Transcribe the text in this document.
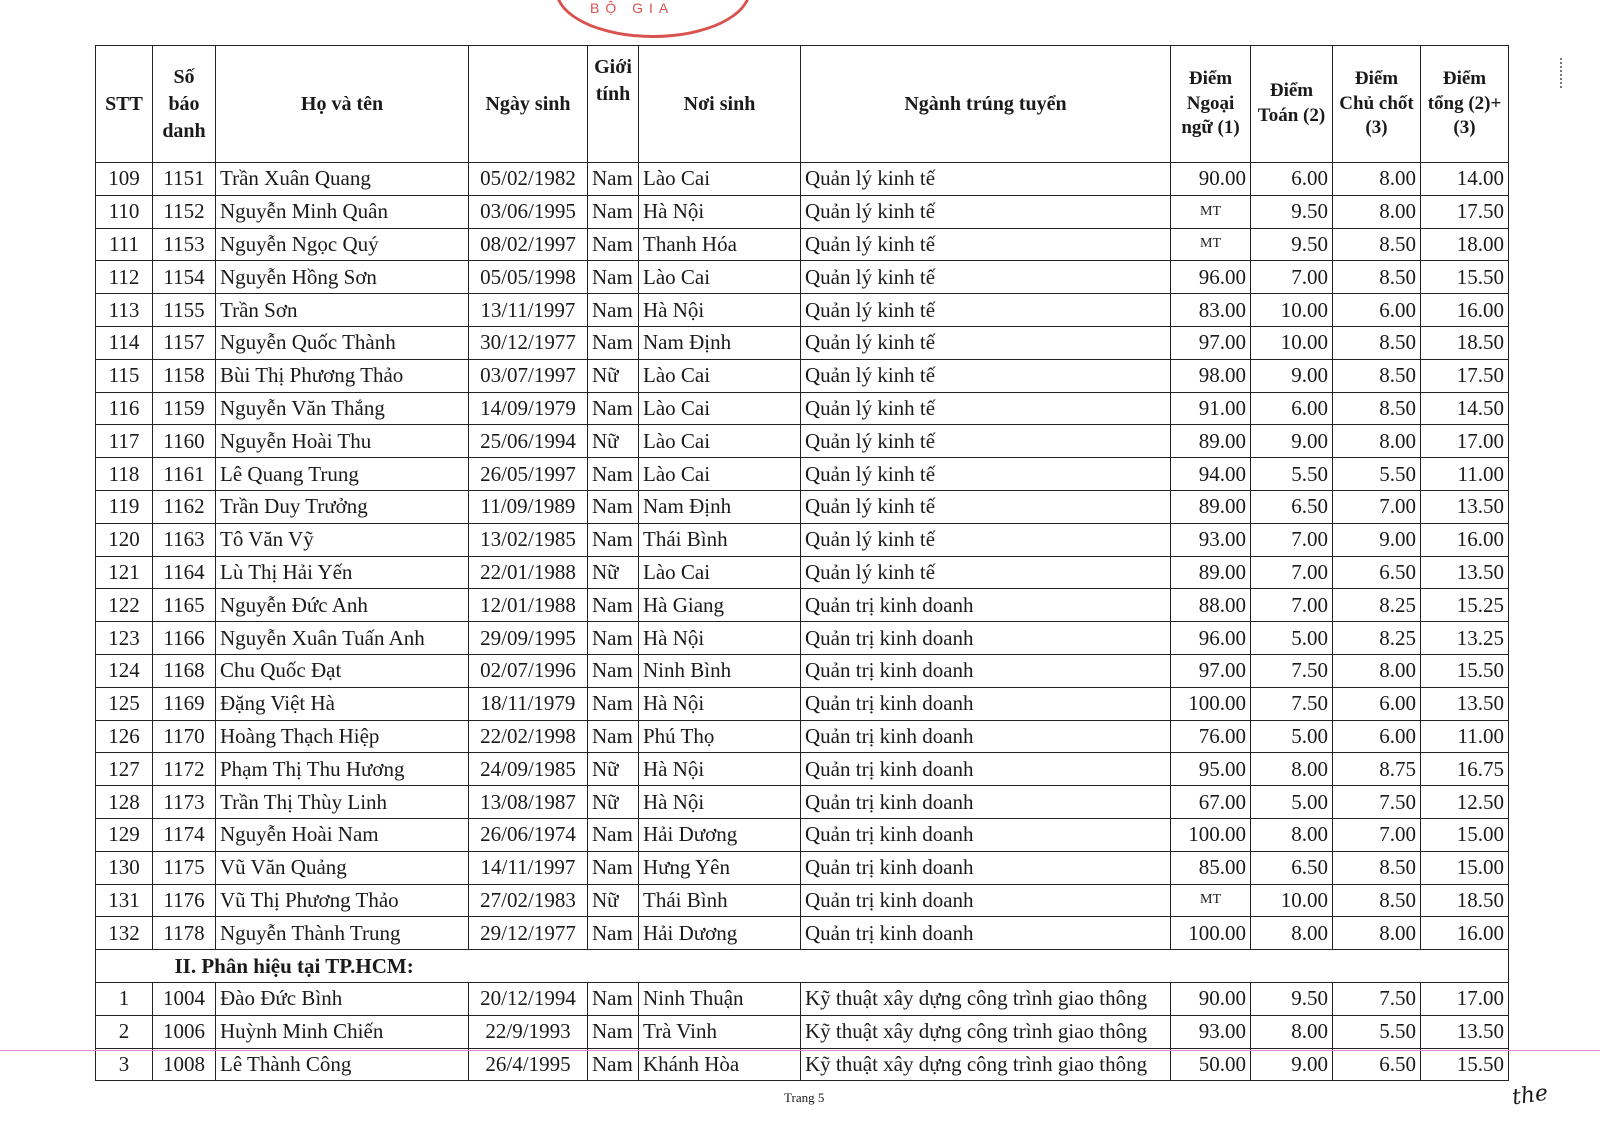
BỘ GIA
STT	Số báo danh	Họ và tên	Ngày sinh	Giới tính	Nơi sinh	Ngành trúng tuyển	Điểm Ngoại ngữ (1)	Điểm Toán (2)	Điểm Chủ chốt (3)	Điểm tổng (2)+(3)
109	1151	Trần Xuân Quang	05/02/1982	Nam	Lào Cai	Quản lý kinh tế	90.00	6.00	8.00	14.00
110	1152	Nguyễn Minh Quân	03/06/1995	Nam	Hà Nội	Quản lý kinh tế	MT	9.50	8.00	17.50
111	1153	Nguyễn Ngọc Quý	08/02/1997	Nam	Thanh Hóa	Quản lý kinh tế	MT	9.50	8.50	18.00
112	1154	Nguyễn Hồng Sơn	05/05/1998	Nam	Lào Cai	Quản lý kinh tế	96.00	7.00	8.50	15.50
113	1155	Trần Sơn	13/11/1997	Nam	Hà Nội	Quản lý kinh tế	83.00	10.00	6.00	16.00
114	1157	Nguyễn Quốc Thành	30/12/1977	Nam	Nam Định	Quản lý kinh tế	97.00	10.00	8.50	18.50
115	1158	Bùi Thị Phương Thảo	03/07/1997	Nữ	Lào Cai	Quản lý kinh tế	98.00	9.00	8.50	17.50
116	1159	Nguyễn Văn Thắng	14/09/1979	Nam	Lào Cai	Quản lý kinh tế	91.00	6.00	8.50	14.50
117	1160	Nguyễn Hoài Thu	25/06/1994	Nữ	Lào Cai	Quản lý kinh tế	89.00	9.00	8.00	17.00
118	1161	Lê Quang Trung	26/05/1997	Nam	Lào Cai	Quản lý kinh tế	94.00	5.50	5.50	11.00
119	1162	Trần Duy Trưởng	11/09/1989	Nam	Nam Định	Quản lý kinh tế	89.00	6.50	7.00	13.50
120	1163	Tô Văn Vỹ	13/02/1985	Nam	Thái Bình	Quản lý kinh tế	93.00	7.00	9.00	16.00
121	1164	Lù Thị Hải Yến	22/01/1988	Nữ	Lào Cai	Quản lý kinh tế	89.00	7.00	6.50	13.50
122	1165	Nguyễn Đức Anh	12/01/1988	Nam	Hà Giang	Quản trị kinh doanh	88.00	7.00	8.25	15.25
123	1166	Nguyễn Xuân Tuấn Anh	29/09/1995	Nam	Hà Nội	Quản trị kinh doanh	96.00	5.00	8.25	13.25
124	1168	Chu Quốc Đạt	02/07/1996	Nam	Ninh Bình	Quản trị kinh doanh	97.00	7.50	8.00	15.50
125	1169	Đặng Việt Hà	18/11/1979	Nam	Hà Nội	Quản trị kinh doanh	100.00	7.50	6.00	13.50
126	1170	Hoàng Thạch Hiệp	22/02/1998	Nam	Phú Thọ	Quản trị kinh doanh	76.00	5.00	6.00	11.00
127	1172	Phạm Thị Thu Hương	24/09/1985	Nữ	Hà Nội	Quản trị kinh doanh	95.00	8.00	8.75	16.75
128	1173	Trần Thị Thùy Linh	13/08/1987	Nữ	Hà Nội	Quản trị kinh doanh	67.00	5.00	7.50	12.50
129	1174	Nguyễn Hoài Nam	26/06/1974	Nam	Hải Dương	Quản trị kinh doanh	100.00	8.00	7.00	15.00
130	1175	Vũ Văn Quảng	14/11/1997	Nam	Hưng Yên	Quản trị kinh doanh	85.00	6.50	8.50	15.00
131	1176	Vũ Thị Phương Thảo	27/02/1983	Nữ	Thái Bình	Quản trị kinh doanh	MT	10.00	8.50	18.50
132	1178	Nguyễn Thành Trung	29/12/1977	Nam	Hải Dương	Quản trị kinh doanh	100.00	8.00	8.00	16.00
	II. Phân hiệu tại TP.HCM:									
1	1004	Đào Đức Bình	20/12/1994	Nam	Ninh Thuận	Kỹ thuật xây dựng công trình giao thông	90.00	9.50	7.50	17.00
2	1006	Huỳnh Minh Chiến	22/9/1993	Nam	Trà Vinh	Kỹ thuật xây dựng công trình giao thông	93.00	8.00	5.50	13.50
3	1008	Lê Thành Công	26/4/1995	Nam	Khánh Hòa	Kỹ thuật xây dựng công trình giao thông	50.00	9.00	6.50	15.50
Trang 5	the
